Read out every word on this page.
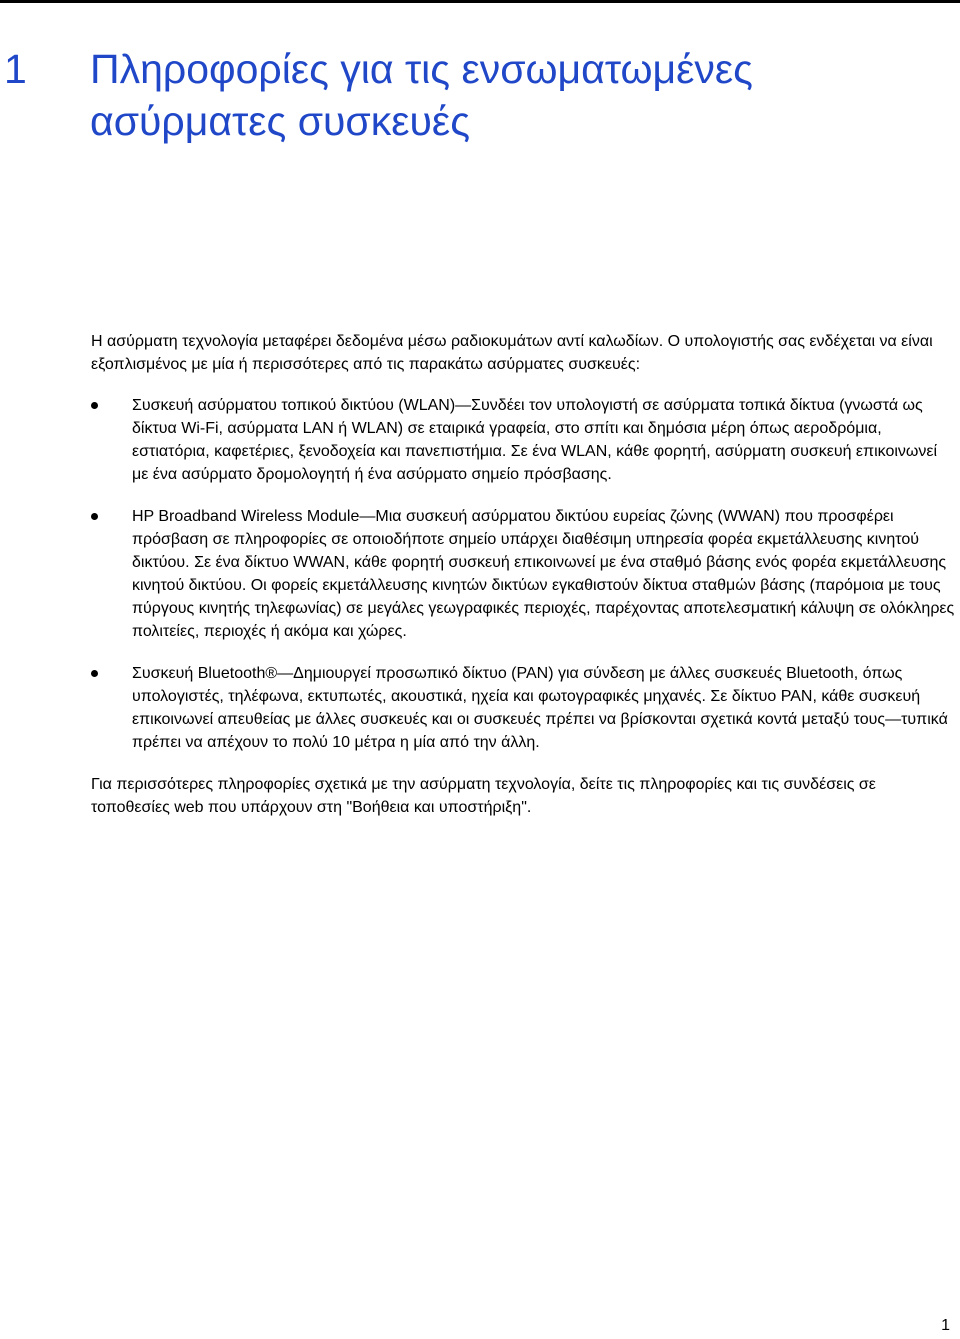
1 Πληροφορίες για τις ενσωματωμένες ασύρματες συσκευές

Η ασύρματη τεχνολογία μεταφέρει δεδομένα μέσω ραδιοκυμάτων αντί καλωδίων. Ο υπολογιστής σας ενδέχεται να είναι εξοπλισμένος με μία ή περισσότερες από τις παρακάτω ασύρματες συσκευές:

Συσκευή ασύρματου τοπικού δικτύου (WLAN)—Συνδέει τον υπολογιστή σε ασύρματα τοπικά δίκτυα (γνωστά ως δίκτυα Wi-Fi, ασύρματα LAN ή WLAN) σε εταιρικά γραφεία, στο σπίτι και δημόσια μέρη όπως αεροδρόμια, εστιατόρια, καφετέριες, ξενοδοχεία και πανεπιστήμια. Σε ένα WLAN, κάθε φορητή, ασύρματη συσκευή επικοινωνεί με ένα ασύρματο δρομολογητή ή ένα ασύρματο σημείο πρόσβασης.
HP Broadband Wireless Module—Μια συσκευή ασύρματου δικτύου ευρείας ζώνης (WWAN) που προσφέρει πρόσβαση σε πληροφορίες σε οποιοδήποτε σημείο υπάρχει διαθέσιμη υπηρεσία φορέα εκμετάλλευσης κινητού δικτύου. Σε ένα δίκτυο WWAN, κάθε φορητή συσκευή επικοινωνεί με ένα σταθμό βάσης ενός φορέα εκμετάλλευσης κινητού δικτύου. Οι φορείς εκμετάλλευσης κινητών δικτύων εγκαθιστούν δίκτυα σταθμών βάσης (παρόμοια με τους πύργους κινητής τηλεφωνίας) σε μεγάλες γεωγραφικές περιοχές, παρέχοντας αποτελεσματική κάλυψη σε ολόκληρες πολιτείες, περιοχές ή ακόμα και χώρες.
Συσκευή Bluetooth®—Δημιουργεί προσωπικό δίκτυο (PAN) για σύνδεση με άλλες συσκευές Bluetooth, όπως υπολογιστές, τηλέφωνα, εκτυπωτές, ακουστικά, ηχεία και φωτογραφικές μηχανές. Σε δίκτυο PAN, κάθε συσκευή επικοινωνεί απευθείας με άλλες συσκευές και οι συσκευές πρέπει να βρίσκονται σχετικά κοντά μεταξύ τους—τυπικά πρέπει να απέχουν το πολύ 10 μέτρα η μία από την άλλη.

Για περισσότερες πληροφορίες σχετικά με την ασύρματη τεχνολογία, δείτε τις πληροφορίες και τις συνδέσεις σε τοποθεσίες web που υπάρχουν στη "Βοήθεια και υποστήριξη".

1
